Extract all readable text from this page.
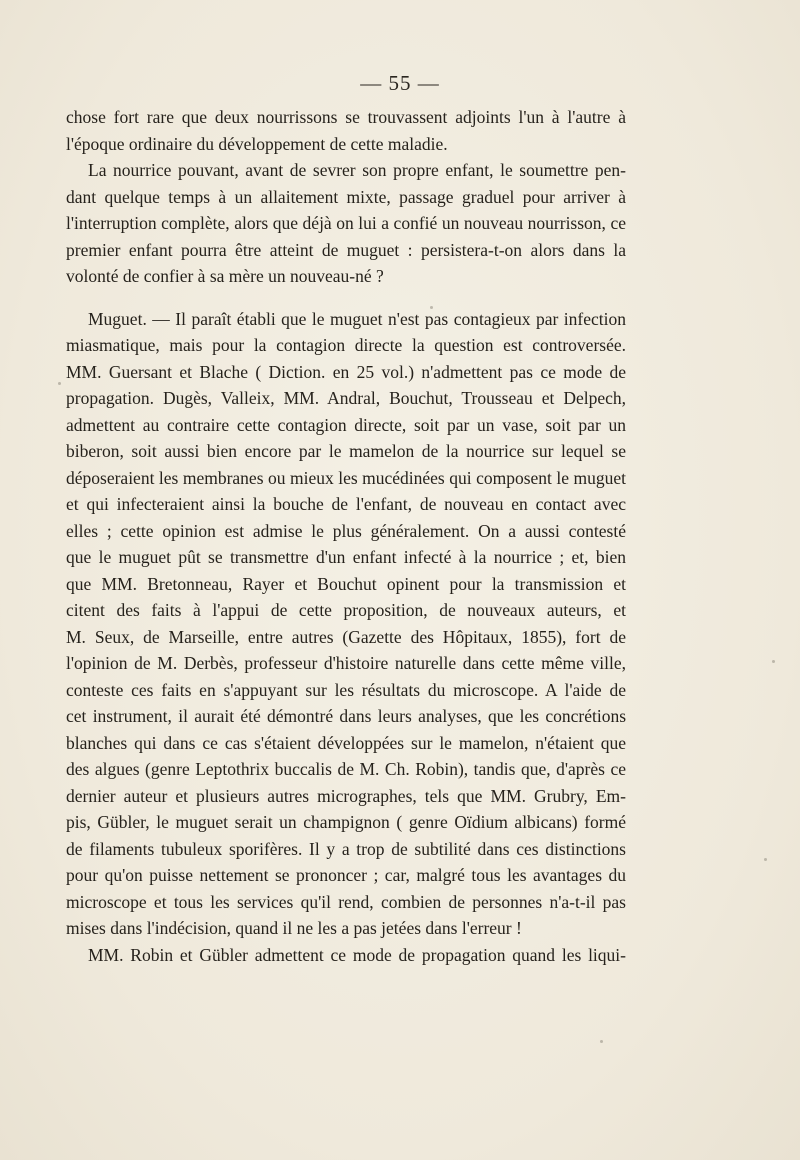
— 55 —

chose fort rare que deux nourrissons se trouvassent adjoints l'un à l'autre à
l'époque ordinaire du développement de cette maladie.

La nourrice pouvant, avant de sevrer son propre enfant, le soumettre pen-
dant quelque temps à un allaitement mixte, passage graduel pour arriver à
l'interruption complète, alors que déjà on lui a confié un nouveau nourrisson, ce
premier enfant pourra être atteint de muguet : persistera-t-on alors dans la
volonté de confier à sa mère un nouveau-né ?

Muguet. — Il paraît établi que le muguet n'est pas contagieux par infection
miasmatique, mais pour la contagion directe la question est controversée.
MM. Guersant et Blache ( Diction. en 25 vol.) n'admettent pas ce mode de
propagation. Dugès, Valleix, MM. Andral, Bouchut, Trousseau et Delpech,
admettent au contraire cette contagion directe, soit par un vase, soit par un
biberon, soit aussi bien encore par le mamelon de la nourrice sur lequel se
déposeraient les membranes ou mieux les mucédinées qui composent le muguet
et qui infecteraient ainsi la bouche de l'enfant, de nouveau en contact avec
elles ; cette opinion est admise le plus généralement. On a aussi contesté
que le muguet pût se transmettre d'un enfant infecté à la nourrice ; et, bien
que MM. Bretonneau, Rayer et Bouchut opinent pour la transmission et
citent des faits à l'appui de cette proposition, de nouveaux auteurs, et
M. Seux, de Marseille, entre autres (Gazette des Hôpitaux, 1855), fort de
l'opinion de M. Derbès, professeur d'histoire naturelle dans cette même ville,
conteste ces faits en s'appuyant sur les résultats du microscope. A l'aide de
cet instrument, il aurait été démontré dans leurs analyses, que les concrétions
blanches qui dans ce cas s'étaient développées sur le mamelon, n'étaient que
des algues (genre Leptothrix buccalis de M. Ch. Robin), tandis que, d'après ce
dernier auteur et plusieurs autres micrographes, tels que MM. Grubry, Em-
pis, Gübler, le muguet serait un champignon ( genre Oïdium albicans) formé
de filaments tubuleux sporifères. Il y a trop de subtilité dans ces distinctions
pour qu'on puisse nettement se prononcer ; car, malgré tous les avantages du
microscope et tous les services qu'il rend, combien de personnes n'a-t-il pas
mises dans l'indécision, quand il ne les a pas jetées dans l'erreur !
MM. Robin et Gübler admettent ce mode de propagation quand les liqui-
